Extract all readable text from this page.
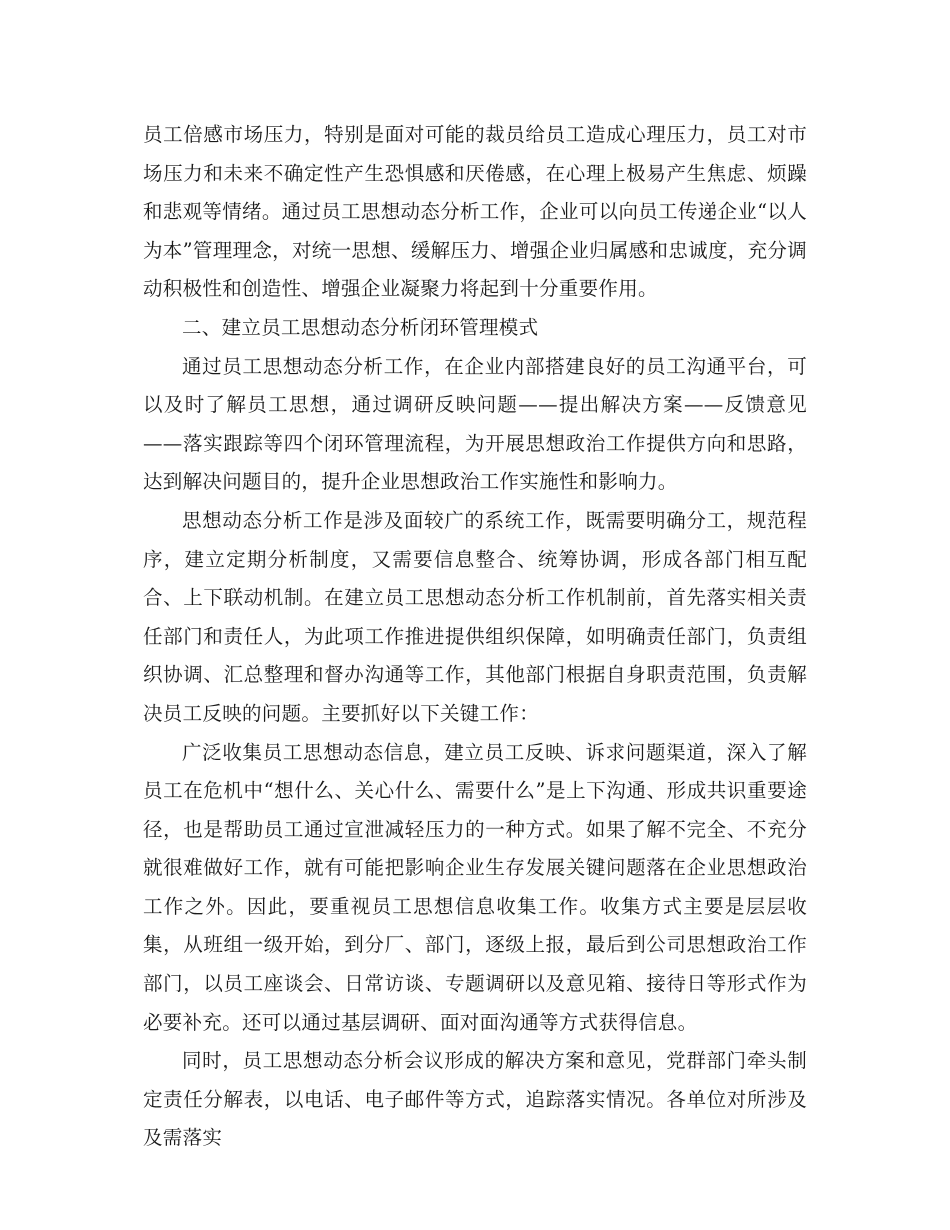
员工倍感市场压力，特别是面对可能的裁员给员工造成心理压力，员工对市场压力和未来不确定性产生恐惧感和厌倦感，在心理上极易产生焦虑、烦躁和悲观等情绪。通过员工思想动态分析工作，企业可以向员工传递企业“以人为本”管理理念，对统一思想、缓解压力、增强企业归属感和忠诚度，充分调动积极性和创造性、增强企业凝聚力将起到十分重要作用。

二、建立员工思想动态分析闭环管理模式

通过员工思想动态分析工作，在企业内部搭建良好的员工沟通平台，可以及时了解员工思想，通过调研反映问题——提出解决方案——反馈意见——落实跟踪等四个闭环管理流程，为开展思想政治工作提供方向和思路，达到解决问题目的，提升企业思想政治工作实施性和影响力。

思想动态分析工作是涉及面较广的系统工作，既需要明确分工，规范程序，建立定期分析制度，又需要信息整合、统筹协调，形成各部门相互配合、上下联动机制。在建立员工思想动态分析工作机制前，首先落实相关责任部门和责任人，为此项工作推进提供组织保障，如明确责任部门，负责组织协调、汇总整理和督办沟通等工作，其他部门根据自身职责范围，负责解决员工反映的问题。主要抓好以下关键工作：

广泛收集员工思想动态信息，建立员工反映、诉求问题渠道，深入了解员工在危机中“想什么、关心什么、需要什么”是上下沟通、形成共识重要途径，也是帮助员工通过宣泄减轻压力的一种方式。如果了解不完全、不充分就很难做好工作，就有可能把影响企业生存发展关键问题落在企业思想政治工作之外。因此，要重视员工思想信息收集工作。收集方式主要是层层收集，从班组一级开始，到分厂、部门，逐级上报，最后到公司思想政治工作部门，以员工座谈会、日常访谈、专题调研以及意见箱、接待日等形式作为必要补充。还可以通过基层调研、面对面沟通等方式获得信息。

同时，员工思想动态分析会议形成的解决方案和意见，党群部门牵头制定责任分解表，以电话、电子邮件等方式，追踪落实情况。各单位对所涉及及需落实
